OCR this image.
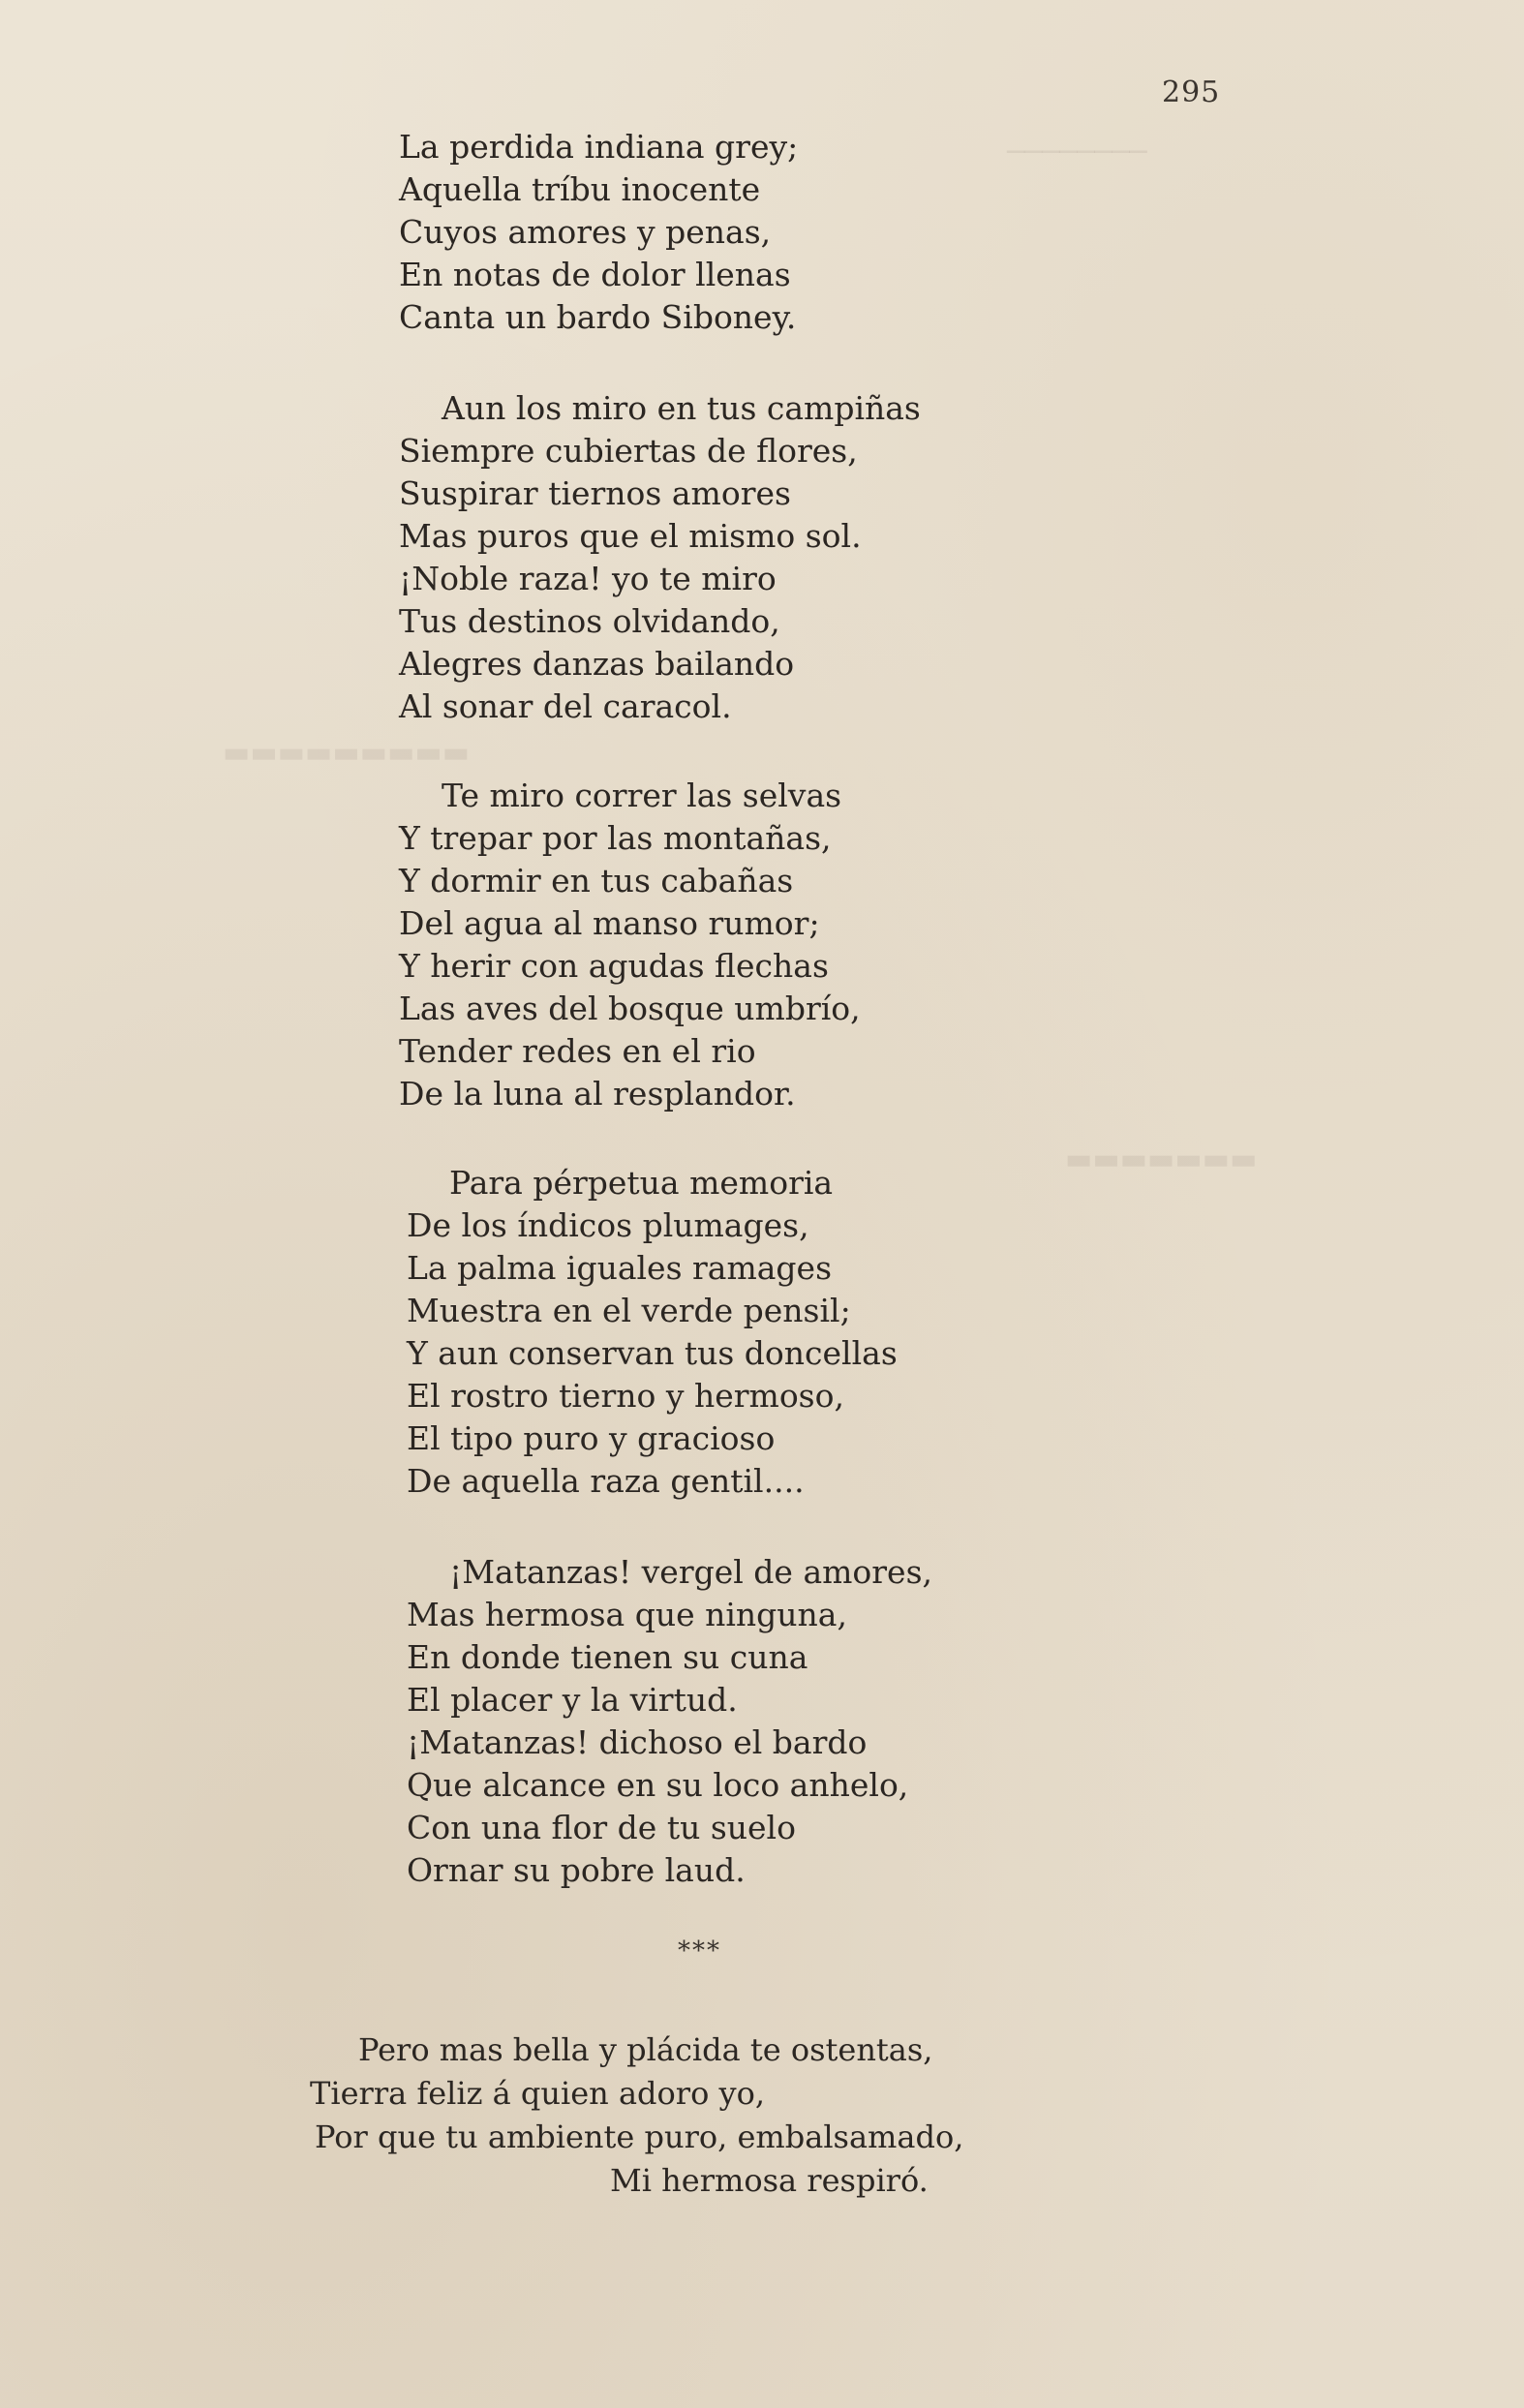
────────
▬▬▬▬▬▬▬▬▬
▬▬▬▬▬▬▬
295
La perdida indiana grey;
Aquella tríbu inocente
Cuyos amores y penas,
En notas de dolor llenas
Canta un bardo Siboney.
Aun los miro en tus campiñas
Siempre cubiertas de flores,
Suspirar tiernos amores
Mas puros que el mismo sol.
¡Noble raza! yo te miro
Tus destinos olvidando,
Alegres danzas bailando
Al sonar del caracol.
Te miro correr las selvas
Y trepar por las montañas,
Y dormir en tus cabañas
Del agua al manso rumor;
Y herir con agudas flechas
Las aves del bosque umbrío,
Tender redes en el rio
De la luna al resplandor.
Para pérpetua memoria
De los índicos plumages,
La palma iguales ramages
Muestra en el verde pensil;
Y aun conservan tus doncellas
El rostro tierno y hermoso,
El tipo puro y gracioso
De aquella raza gentil....
¡Matanzas! vergel de amores,
Mas hermosa que ninguna,
En donde tienen su cuna
El placer y la virtud.
¡Matanzas! dichoso el bardo
Que alcance en su loco anhelo,
Con una flor de tu suelo
Ornar su pobre laud.
***
Pero mas bella y plácida te ostentas,
Tierra feliz á quien adoro yo,
Por que tu ambiente puro, embalsamado,
Mi hermosa respiró.
